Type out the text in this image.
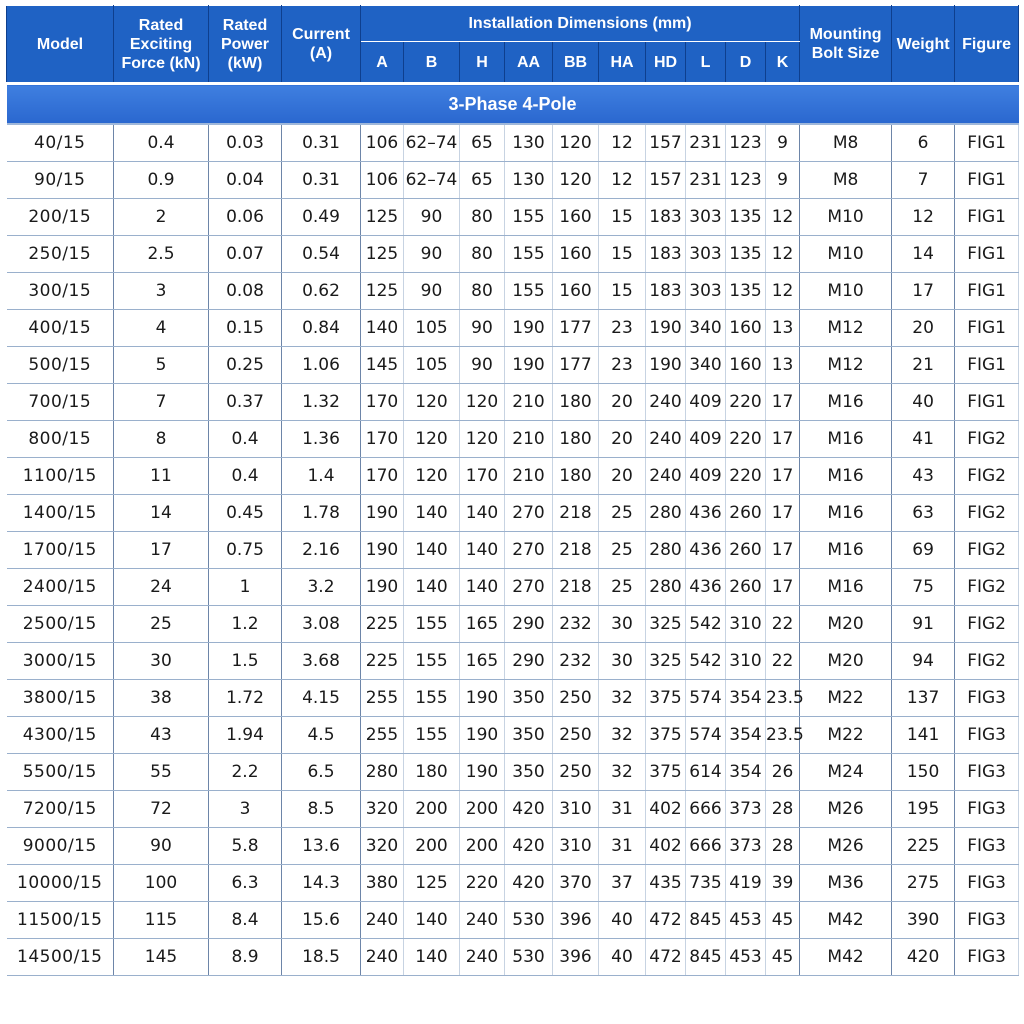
Model	Rated
Exciting
Force (kN)	Rated
Power
(kW)	Current
(A)	Installation Dimensions (mm)										Mounting
Bolt Size	Weight	Figure
				A	B	H	AA	BB	HA	HD	L	D	K			
3-Phase 4-Pole																
40/15	0.4	0.03	0.31	106	62–74	65	130	120	12	157	231	123	9	M8	6	FIG1
90/15	0.9	0.04	0.31	106	62–74	65	130	120	12	157	231	123	9	M8	7	FIG1
200/15	2	0.06	0.49	125	90	80	155	160	15	183	303	135	12	M10	12	FIG1
250/15	2.5	0.07	0.54	125	90	80	155	160	15	183	303	135	12	M10	14	FIG1
300/15	3	0.08	0.62	125	90	80	155	160	15	183	303	135	12	M10	17	FIG1
400/15	4	0.15	0.84	140	105	90	190	177	23	190	340	160	13	M12	20	FIG1
500/15	5	0.25	1.06	145	105	90	190	177	23	190	340	160	13	M12	21	FIG1
700/15	7	0.37	1.32	170	120	120	210	180	20	240	409	220	17	M16	40	FIG1
800/15	8	0.4	1.36	170	120	120	210	180	20	240	409	220	17	M16	41	FIG2
1100/15	11	0.4	1.4	170	120	170	210	180	20	240	409	220	17	M16	43	FIG2
1400/15	14	0.45	1.78	190	140	140	270	218	25	280	436	260	17	M16	63	FIG2
1700/15	17	0.75	2.16	190	140	140	270	218	25	280	436	260	17	M16	69	FIG2
2400/15	24	1	3.2	190	140	140	270	218	25	280	436	260	17	M16	75	FIG2
2500/15	25	1.2	3.08	225	155	165	290	232	30	325	542	310	22	M20	91	FIG2
3000/15	30	1.5	3.68	225	155	165	290	232	30	325	542	310	22	M20	94	FIG2
3800/15	38	1.72	4.15	255	155	190	350	250	32	375	574	354	23.5	M22	137	FIG3
4300/15	43	1.94	4.5	255	155	190	350	250	32	375	574	354	23.5	M22	141	FIG3
5500/15	55	2.2	6.5	280	180	190	350	250	32	375	614	354	26	M24	150	FIG3
7200/15	72	3	8.5	320	200	200	420	310	31	402	666	373	28	M26	195	FIG3
9000/15	90	5.8	13.6	320	200	200	420	310	31	402	666	373	28	M26	225	FIG3
10000/15	100	6.3	14.3	380	125	220	420	370	37	435	735	419	39	M36	275	FIG3
11500/15	115	8.4	15.6	240	140	240	530	396	40	472	845	453	45	M42	390	FIG3
14500/15	145	8.9	18.5	240	140	240	530	396	40	472	845	453	45	M42	420	FIG3
